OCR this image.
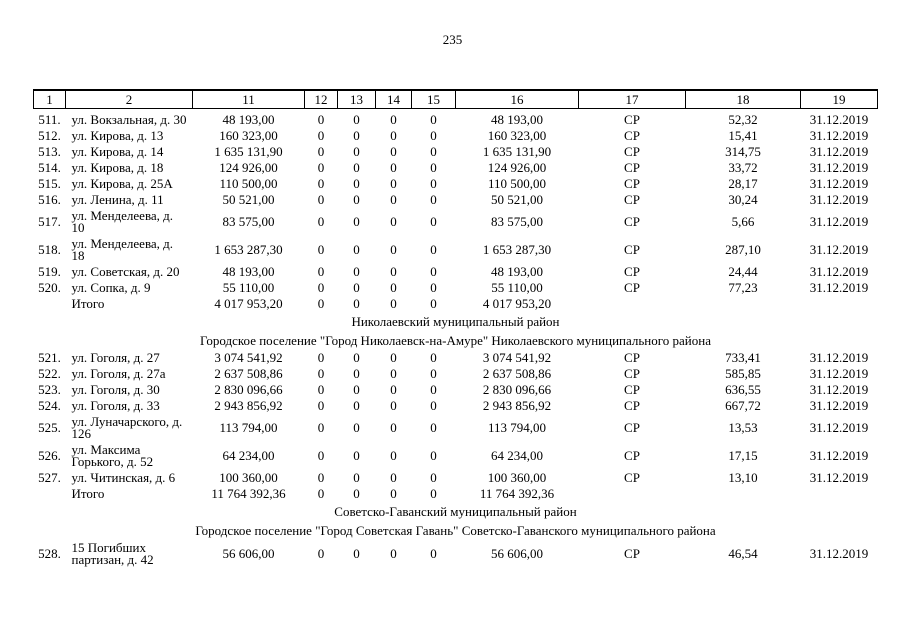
235
1	2	11	12	13	14	15	16	17	18	19
511.	ул. Вокзальная, д. 30	48 193,00	0	0	0	0	48 193,00	СР	52,32	31.12.2019
512.	ул. Кирова, д. 13	160 323,00	0	0	0	0	160 323,00	СР	15,41	31.12.2019
513.	ул. Кирова, д. 14	1 635 131,90	0	0	0	0	1 635 131,90	СР	314,75	31.12.2019
514.	ул. Кирова, д. 18	124 926,00	0	0	0	0	124 926,00	СР	33,72	31.12.2019
515.	ул. Кирова, д. 25А	110 500,00	0	0	0	0	110 500,00	СР	28,17	31.12.2019
516.	ул. Ленина, д. 11	50 521,00	0	0	0	0	50 521,00	СР	30,24	31.12.2019
517.	ул. Менделеева, д. 10	83 575,00	0	0	0	0	83 575,00	СР	5,66	31.12.2019
518.	ул. Менделеева, д. 18	1 653 287,30	0	0	0	0	1 653 287,30	СР	287,10	31.12.2019
519.	ул. Советская, д. 20	48 193,00	0	0	0	0	48 193,00	СР	24,44	31.12.2019
520.	ул. Сопка, д. 9	55 110,00	0	0	0	0	55 110,00	СР	77,23	31.12.2019
	Итого	4 017 953,20	0	0	0	0	4 017 953,20			
Николаевский муниципальный район										
Городское поселение "Город Николаевск-на-Амуре" Николаевского муниципального района										
521.	ул. Гоголя, д. 27	3 074 541,92	0	0	0	0	3 074 541,92	СР	733,41	31.12.2019
522.	ул. Гоголя, д. 27а	2 637 508,86	0	0	0	0	2 637 508,86	СР	585,85	31.12.2019
523.	ул. Гоголя, д. 30	2 830 096,66	0	0	0	0	2 830 096,66	СР	636,55	31.12.2019
524.	ул. Гоголя, д. 33	2 943 856,92	0	0	0	0	2 943 856,92	СР	667,72	31.12.2019
525.	ул. Луначарского, д. 126	113 794,00	0	0	0	0	113 794,00	СР	13,53	31.12.2019
526.	ул. Максима Горького, д. 52	64 234,00	0	0	0	0	64 234,00	СР	17,15	31.12.2019
527.	ул. Читинская, д. 6	100 360,00	0	0	0	0	100 360,00	СР	13,10	31.12.2019
	Итого	11 764 392,36	0	0	0	0	11 764 392,36			
Советско-Гаванский муниципальный район										
Городское поселение "Город Советская Гавань" Советско-Гаванского муниципального района										
528.	15 Погибших партизан, д. 42	56 606,00	0	0	0	0	56 606,00	СР	46,54	31.12.2019
